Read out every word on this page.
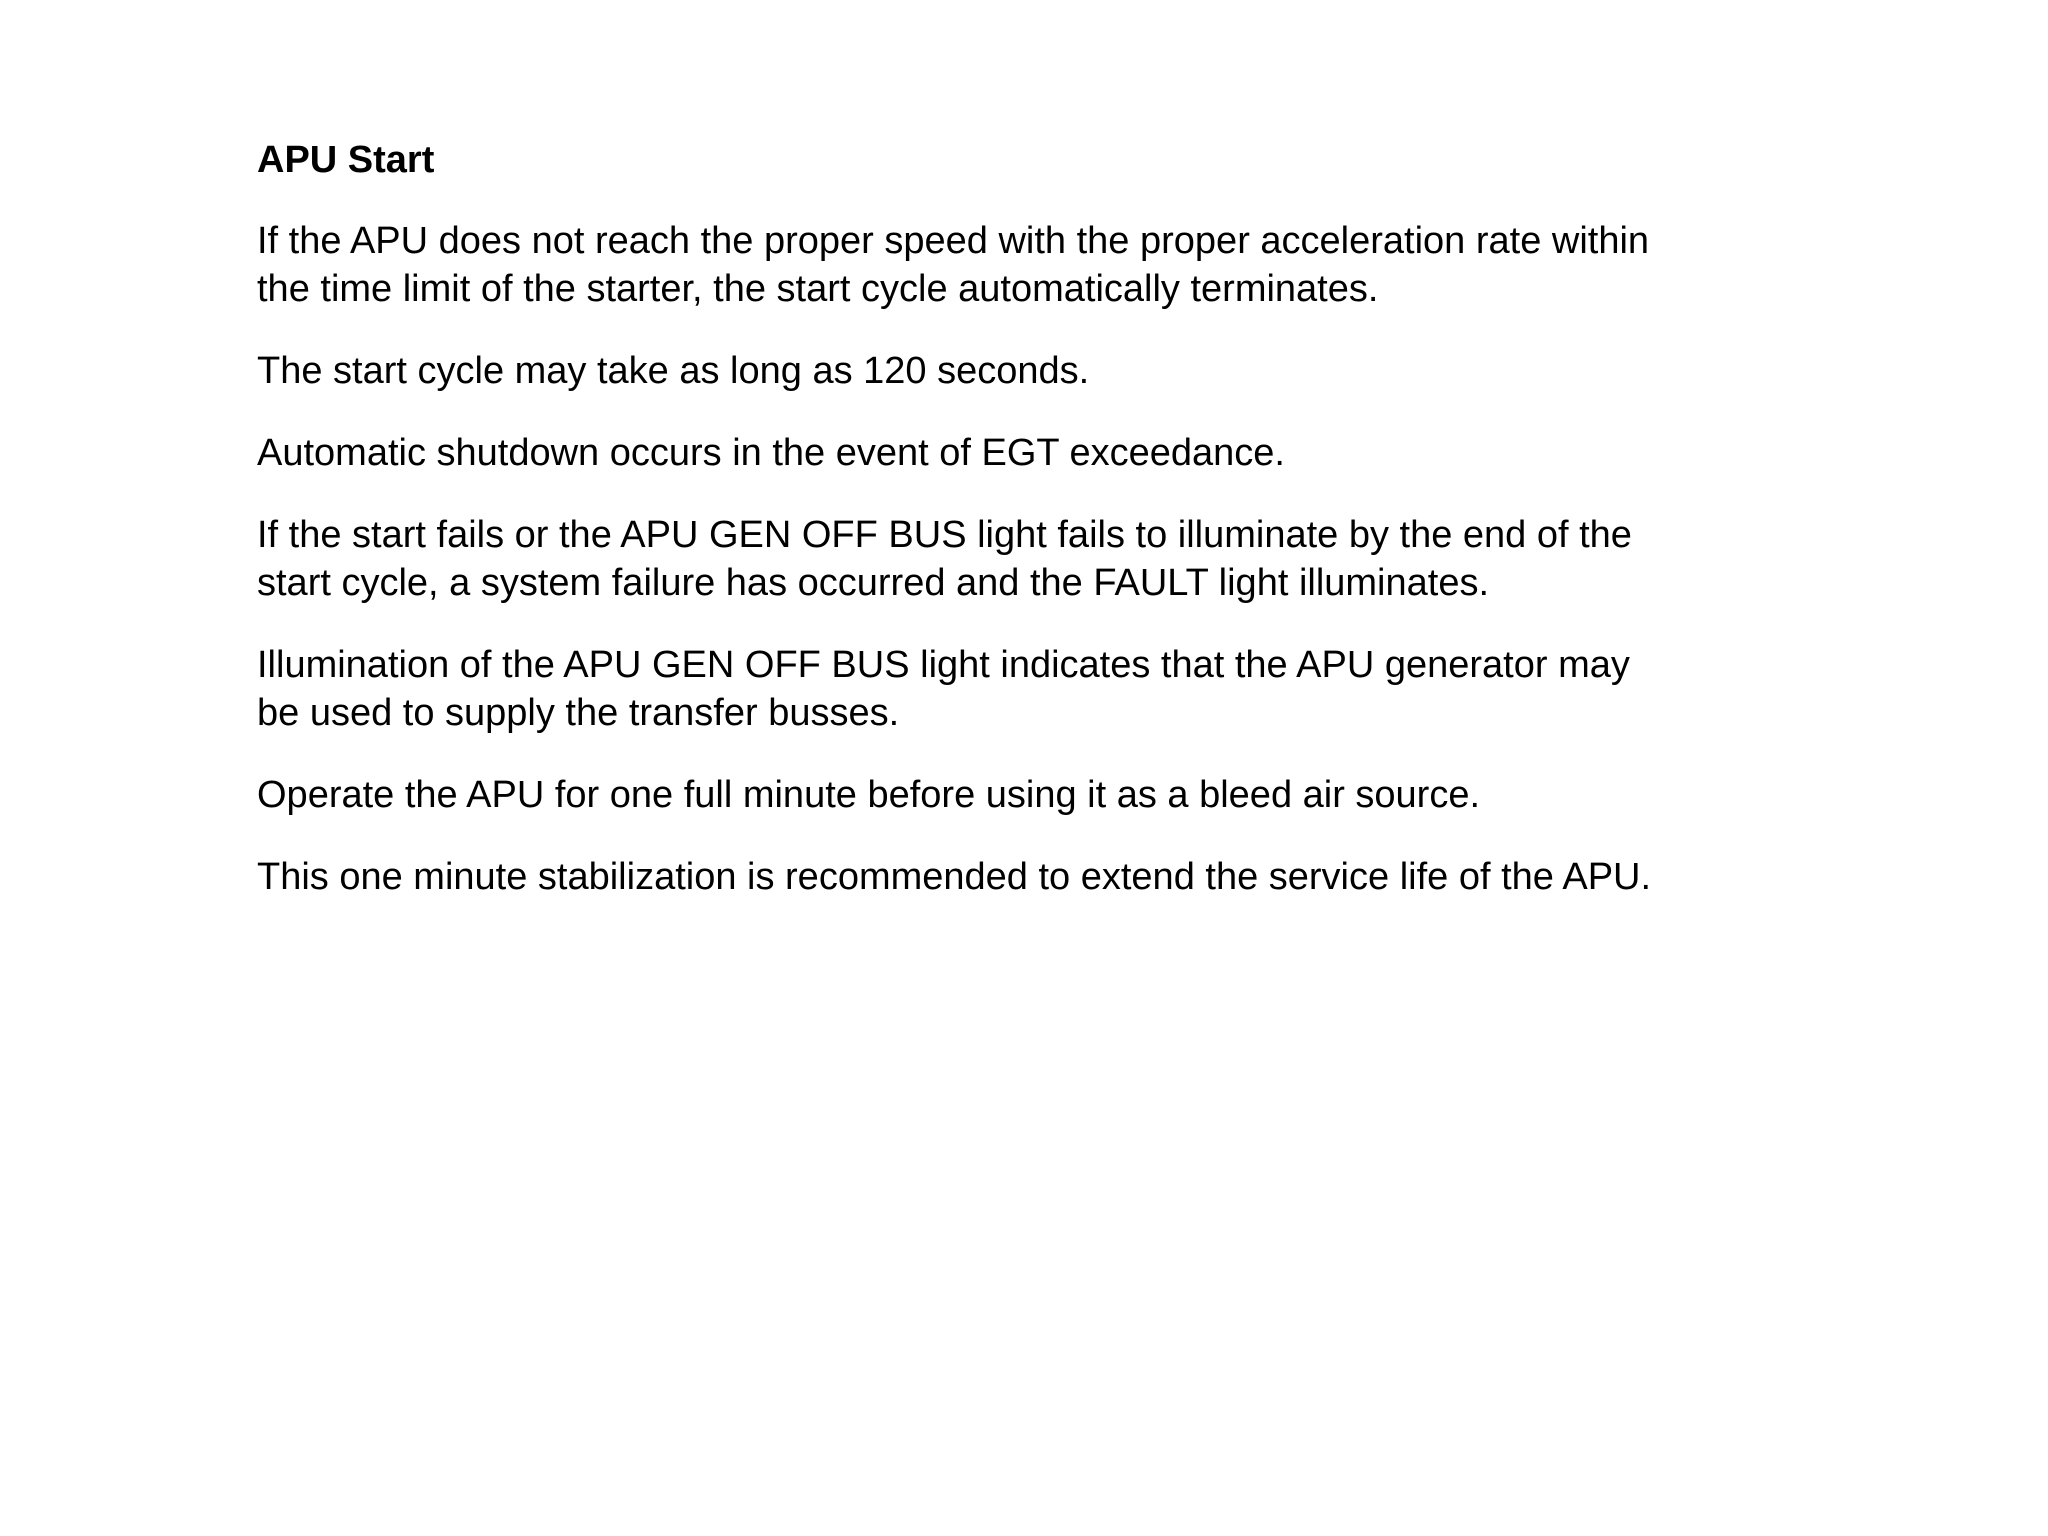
APU Start
If the APU does not reach the proper speed with the proper acceleration rate within
the time limit of the starter, the start cycle automatically terminates.
The start cycle may take as long as 120 seconds.
Automatic shutdown occurs in the event of EGT exceedance.
If the start fails or the APU GEN OFF BUS light fails to illuminate by the end of the
start cycle, a system failure has occurred and the FAULT light illuminates.
Illumination of the APU GEN OFF BUS light indicates that the APU generator may
be used to supply the transfer busses.
Operate the APU for one full minute before using it as a bleed air source.
This one minute stabilization is recommended to extend the service life of the APU.
